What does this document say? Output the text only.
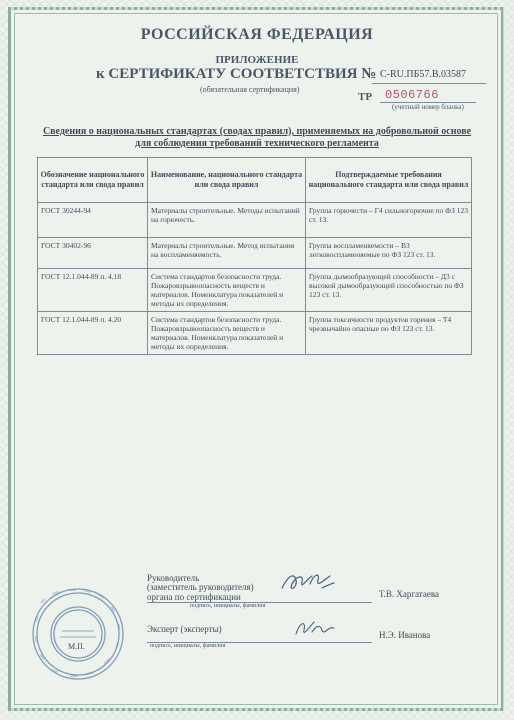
РОССИЙСКАЯ ФЕДЕРАЦИЯ
ПРИЛОЖЕНИЕ
к СЕРТИФИКАТУ СООТВЕТСТВИЯ № C-RU.ПБ57.В.03587
(обязательная сертификация)
ТР 0506766
(учетный номер бланка)
Сведения о национальных стандартах (сводах правил), применяемых на добровольной основе
для соблюдения требований технического регламента
Обозначение национального стандарта или свода правил	Наименование, национального стандарта или свода правил	Подтверждаемые требования национального стандарта или свода правил
ГОСТ 30244-94	Материалы строительные. Методы испытаний на горючесть.	Группа горючести – Г4 сильногорючие по ФЗ 123 ст. 13.
ГОСТ 30402-96	Материалы строительные. Метод испытания на воспламеняемость.	Группа воспламеняемости – В3 легковоспламеняемые по ФЗ 123 ст. 13.
ГОСТ 12.1.044-89 п. 4.18	Система стандартов безопасности труда. Пожаровзрывоопасность веществ и материалов. Номенклатура показателей и методы их определения.	Группа дымообразующей способности – Д3 с высокой дымообразующей способностью по ФЗ 123 ст. 13.
ГОСТ 12.1.044-89 п. 4.20	Система стандартов безопасности труда. Пожаровзрывоопасность веществ и материалов. Номенклатура показателей и методы их определения.	Группа токсичности продуктов горения – Т4 чрезвычайно опасные по ФЗ 123 ст. 13.
Руководитель
(заместитель руководителя)
органа по сертификации
подпись, инициалы, фамилия
Т.В. Харгатаева
М.П.
Эксперт (эксперты)
подпись, инициалы, фамилия
Н.Э. Иванова
